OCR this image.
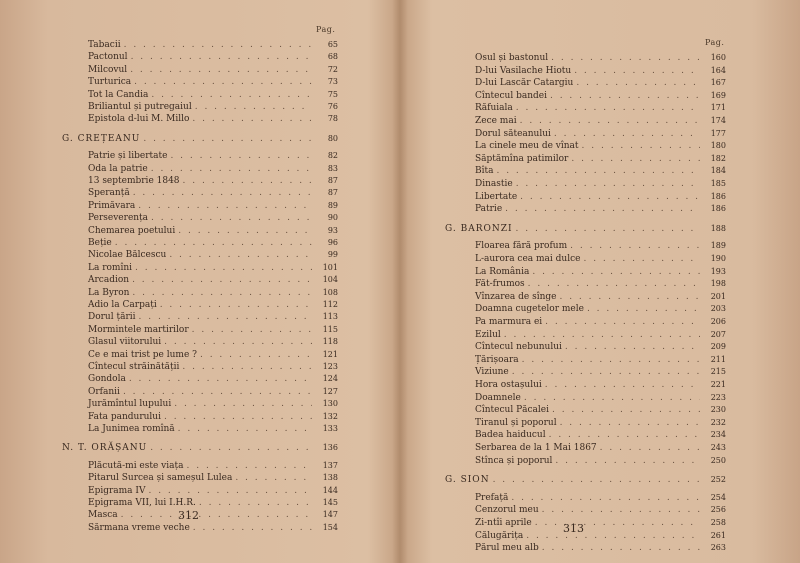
Pag.
Tabacii . . .	65
Pactonul . . .	68
Milcovul . . .	72
Turturica . . .	73
Tot la Candia . . .	75
Briliantul și putregaiul . . .	76
Epistola d-lui M. Millo . . .	78
G. CREȚEANU . . .	80
Patrie și libertate . . .	82
Oda la patrie . . .	83
13 septembrie 1848 . . .	87
Speranță . . .	87
Primăvara . . .	89
Perseverența . . .	90
Chemarea poetului . . .	93
Beție . . .	96
Nicolae Bălcescu . . .	99
La romîni . . .	101
Arcadion . . .	104
La Byron . . .	108
Adio la Carpați . . .	112
Dorul țării . . .	113
Mormintele martirilor . . .	115
Glasul viitorului . . .	118
Ce e mai trist pe lume ? . . .	121
Cîntecul străinătății . . .	123
Gondola . . .	124
Orfanii . . .	127
Jurămîntul lupului . . .	130
Fata pandurului . . .	132
La Junimea romînă . . .	133
N. T. ORĂȘANU . . .	136
Plăcută-mi este viața . . .	137
Pitarul Surcea și sameșul Lulea . . .	138
Epigrama IV . . .	144
Epigrama VII, lui I.H.R. . . .	145
Masca . . .	147
Sărmana vreme veche . . .	154
312
Pag.
Osul și bastonul . . .	160
D-lui Vasilache Hiotu . . .	164
D-lui Lascăr Catargiu . . .	167
Cîntecul bandei . . .	169
Răfuiala . . .	171
Zece mai . . .	174
Dorul săteanului . . .	177
La cinele meu de vînat . . .	180
Săptămîna patimilor . . .	182
Bîta . . .	184
Dinastie . . .	185
Libertate . . .	186
Patrie . . .	186
G. BARONZI . . .	188
Floarea fără profum . . .	189
L-aurora cea mai dulce . . .	190
La România . . .	193
Făt-frumos . . .	198
Vînzarea de sînge . . .	201
Doamna cugetelor mele . . .	203
Pa marmura ei . . .	206
Ezilul . . .	207
Cîntecul nebunului . . .	209
Țărișoara . . .	211
Viziune . . .	215
Hora ostașului . . .	221
Doamnele . . .	223
Cîntecul Păcalei . . .	230
Tiranul și poporul . . .	232
Badea haiducul . . .	234
Serbarea de la 1 Mai 1867 . . .	243
Stînca și poporul . . .	250
G. SION . . .	252
Prefață . . .	254
Cenzorul meu . . .	256
Zi-ntîi aprile . . .	258
Călugărița . . .	261
Părul meu alb . . .	263
313
